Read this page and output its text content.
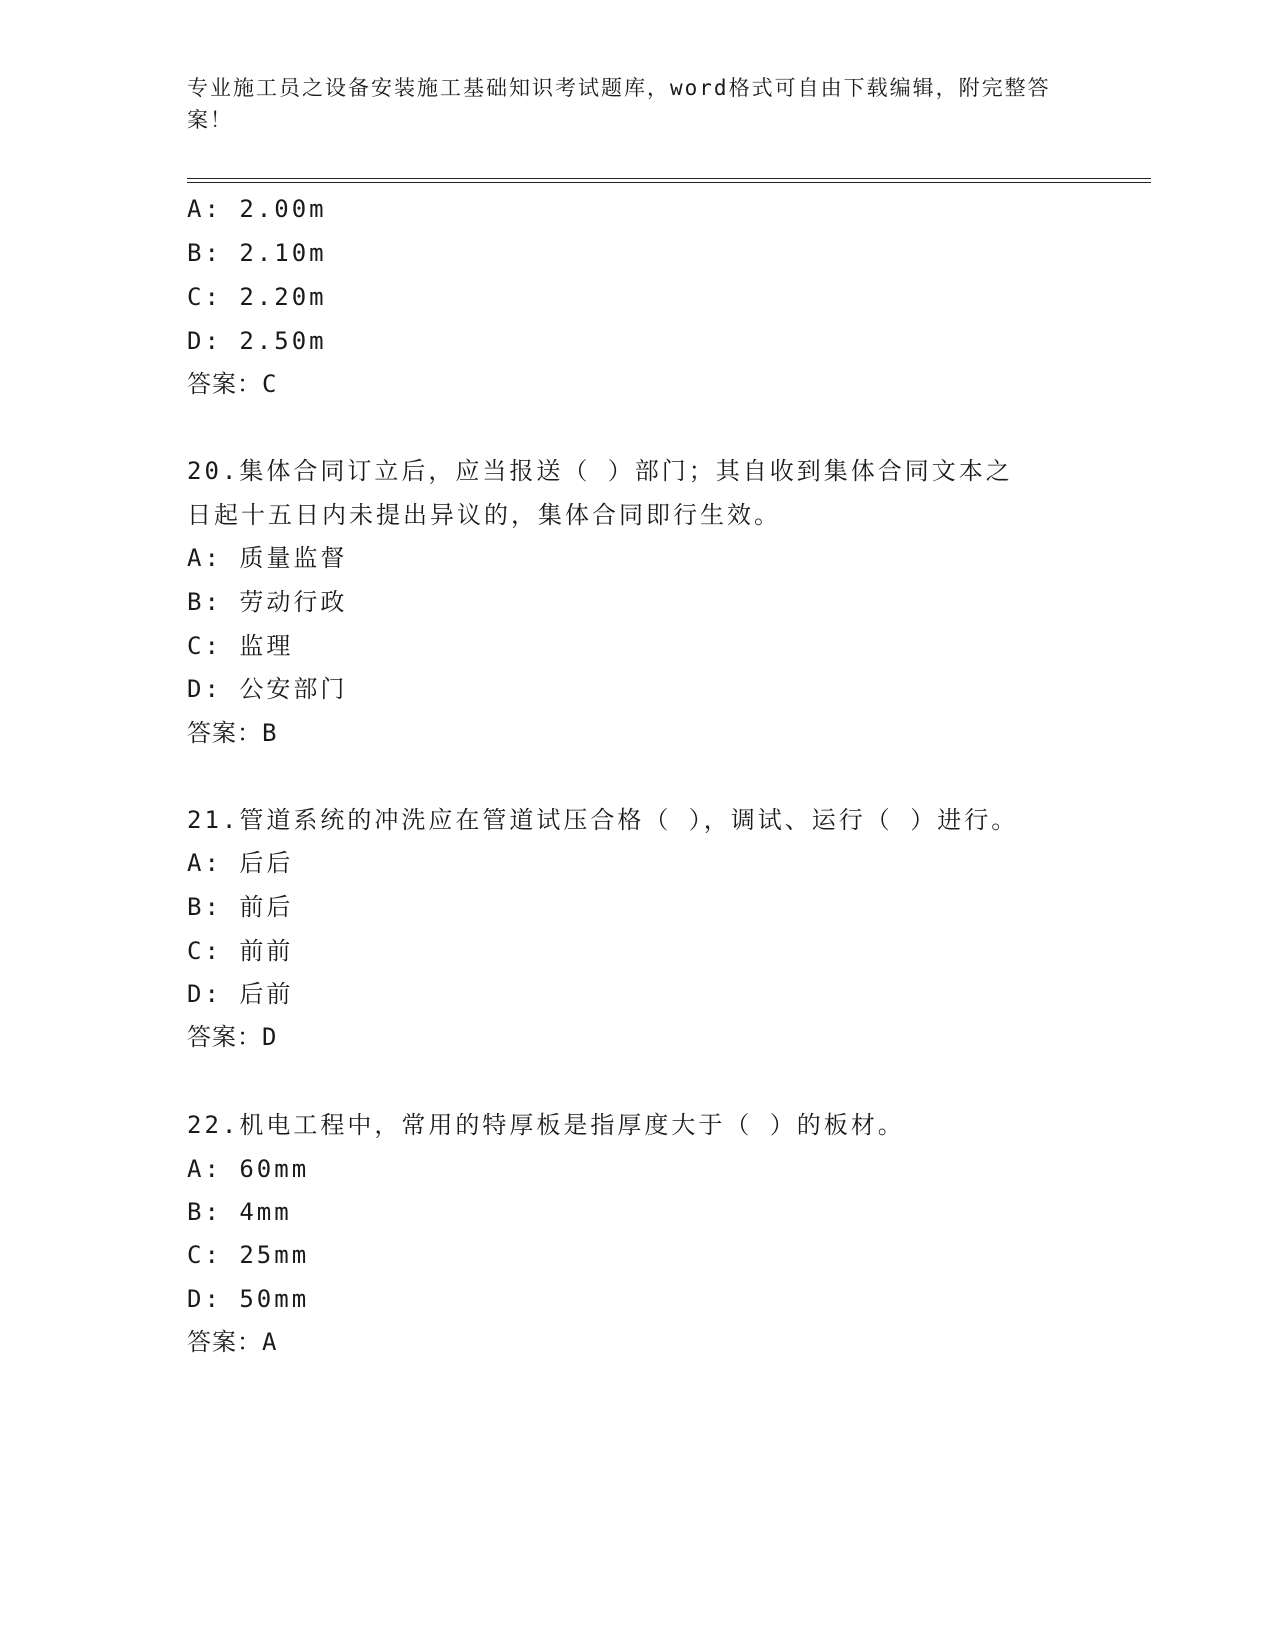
专业施工员之设备安装施工基础知识考试题库，word格式可自由下载编辑，附完整答案！
A: 2.00m
B: 2.10m
C: 2.20m
D: 2.50m
答案：C
20.集体合同订立后，应当报送（ ）部门；其自收到集体合同文本之
日起十五日内未提出异议的，集体合同即行生效。
A: 质量监督
B: 劳动行政
C: 监理
D: 公安部门
答案：B
21.管道系统的冲洗应在管道试压合格（ ），调试、运行（ ）进行。
A: 后后
B: 前后
C: 前前
D: 后前
答案：D
22.机电工程中，常用的特厚板是指厚度大于（ ）的板材。
A: 60mm
B: 4mm
C: 25mm
D: 50mm
答案：A
